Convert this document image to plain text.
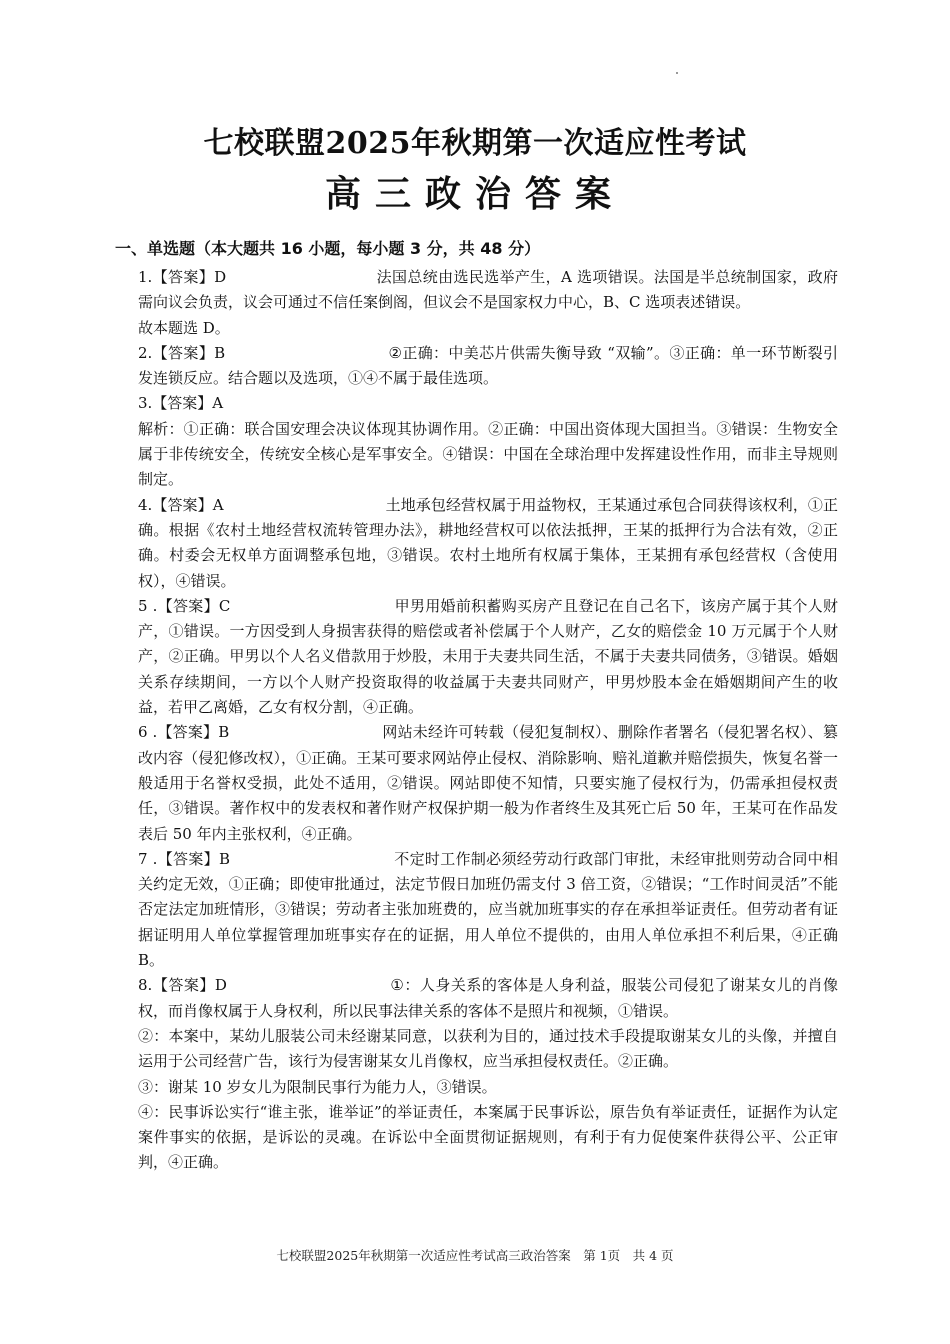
七校联盟2025年秋期第一次适应性考试
高三政治答案
一、单选题（本大题共 16 小题，每小题 3 分，共 48 分）

1.【答案】D	法国总统由选民选举产生，A 选项错误。法国是半总统制国家，政府需向议会负责，议会可通过不信任案倒阁，但议会不是国家权力中心，B、C 选项表述错误。

故本题选 D。

2.【答案】B	②正确：中美芯片供需失衡导致 “双输”。③正确：单一环节断裂引发连锁反应。结合题以及选项，①④不属于最佳选项。

3.【答案】A

解析：①正确：联合国安理会决议体现其协调作用。②正确：中国出资体现大国担当。③错误：生物安全属于非传统安全，传统安全核心是军事安全。④错误：中国在全球治理中发挥建设性作用，而非主导规则制定。

4.【答案】A	土地承包经营权属于用益物权，王某通过承包合同获得该权利，①正确。根据《农村土地经营权流转管理办法》，耕地经营权可以依法抵押，王某的抵押行为合法有效，②正确。村委会无权单方面调整承包地，③错误。农村土地所有权属于集体，王某拥有承包经营权（含使用权），④错误。

5 .【答案】C	甲男用婚前积蓄购买房产且登记在自己名下，该房产属于其个人财产，①错误。一方因受到人身损害获得的赔偿或者补偿属于个人财产，乙女的赔偿金 10 万元属于个人财产，②正确。甲男以个人名义借款用于炒股，未用于夫妻共同生活，不属于夫妻共同债务，③错误。婚姻关系存续期间，一方以个人财产投资取得的收益属于夫妻共同财产，甲男炒股本金在婚姻期间产生的收益，若甲乙离婚，乙女有权分割，④正确。

6 .【答案】B	网站未经许可转载（侵犯复制权）、删除作者署名（侵犯署名权）、篡改内容（侵犯修改权），①正确。王某可要求网站停止侵权、消除影响、赔礼道歉并赔偿损失，恢复名誉一般适用于名誉权受损，此处不适用，②错误。网站即使不知情，只要实施了侵权行为，仍需承担侵权责任，③错误。著作权中的发表权和著作财产权保护期一般为作者终生及其死亡后 50 年，王某可在作品发表后 50 年内主张权利，④正确。

7 .【答案】B	不定时工作制必须经劳动行政部门审批，未经审批则劳动合同中相关约定无效，①正确；即使审批通过，法定节假日加班仍需支付 3 倍工资，②错误；“工作时间灵活”不能否定法定加班情形，③错误；劳动者主张加班费的，应当就加班事实的存在承担举证责任。但劳动者有证据证明用人单位掌握管理加班事实存在的证据，用人单位不提供的，由用人单位承担不利后果，④正确 B。

8.【答案】D	①：人身关系的客体是人身利益，服装公司侵犯了谢某女儿的肖像权，而肖像权属于人身权利，所以民事法律关系的客体不是照片和视频，①错误。

②：本案中，某幼儿服装公司未经谢某同意，以获利为目的，通过技术手段提取谢某女儿的头像，并擅自运用于公司经营广告，该行为侵害谢某女儿肖像权，应当承担侵权责任。②正确。

③：谢某 10 岁女儿为限制民事行为能力人，③错误。

④：民事诉讼实行“谁主张，谁举证”的举证责任，本案属于民事诉讼，原告负有举证责任，证据作为认定案件事实的依据，是诉讼的灵魂。在诉讼中全面贯彻证据规则，有利于有力促使案件获得公平、公正审判，④正确。

七校联盟2025年秋期第一次适应性考试高三政治答案　第 1页　共 4 页
